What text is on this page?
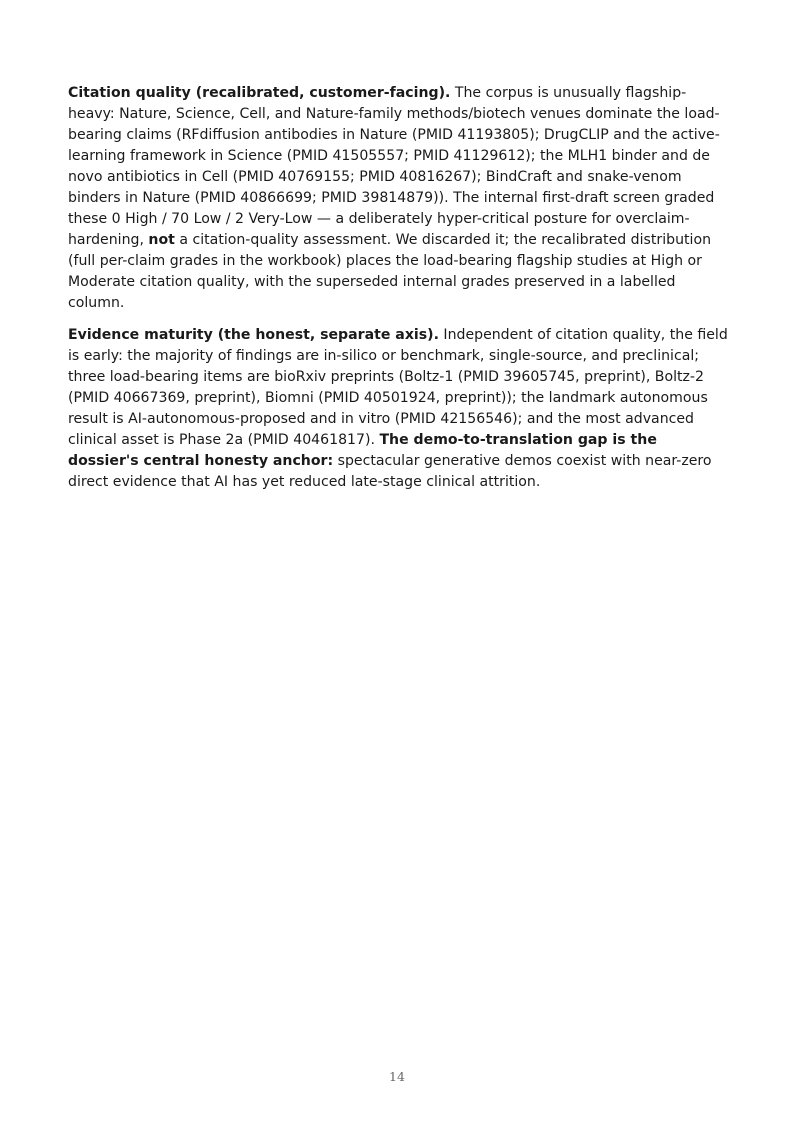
Citation quality (recalibrated, customer-facing). The corpus is unusually flagship-heavy: Nature, Science, Cell, and Nature-family methods/biotech venues dominate the load-bearing claims (RFdiffusion antibodies in Nature (PMID 41193805); DrugCLIP and the active-learning framework in Science (PMID 41505557; PMID 41129612); the MLH1 binder and de novo antibiotics in Cell (PMID 40769155; PMID 40816267); BindCraft and snake-venom binders in Nature (PMID 40866699; PMID 39814879)). The internal first-draft screen graded these 0 High / 70 Low / 2 Very-Low — a deliberately hyper-critical posture for overclaim-hardening, not a citation-quality assessment. We discarded it; the recalibrated distribution (full per-claim grades in the workbook) places the load-bearing flagship studies at High or Moderate citation quality, with the superseded internal grades preserved in a labelled column.

Evidence maturity (the honest, separate axis). Independent of citation quality, the field is early: the majority of findings are in-silico or benchmark, single-source, and preclinical; three load-bearing items are bioRxiv preprints (Boltz-1 (PMID 39605745, preprint), Boltz-2 (PMID 40667369, preprint), Biomni (PMID 40501924, preprint)); the landmark autonomous result is AI-autonomous-proposed and in vitro (PMID 42156546); and the most advanced clinical asset is Phase 2a (PMID 40461817). The demo-to-translation gap is the dossier's central honesty anchor: spectacular generative demos coexist with near-zero direct evidence that AI has yet reduced late-stage clinical attrition.

14
